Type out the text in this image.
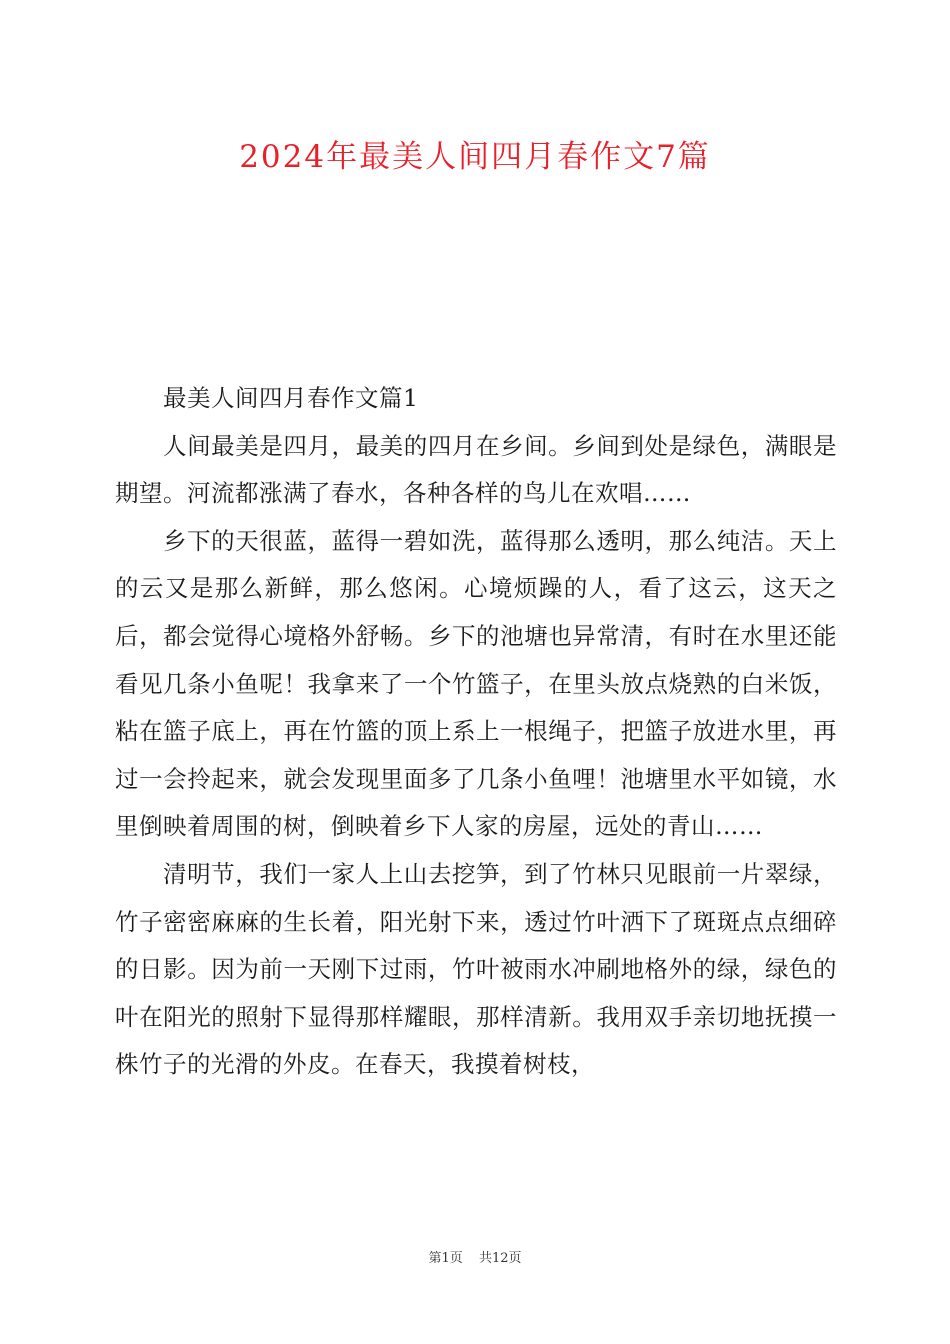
2024年最美人间四月春作文7篇
最美人间四月春作文篇1

人间最美是四月，最美的四月在乡间。乡间到处是绿色，满眼是期望。河流都涨满了春水，各种各样的鸟儿在欢唱……

乡下的天很蓝，蓝得一碧如洗，蓝得那么透明，那么纯洁。天上的云又是那么新鲜，那么悠闲。心境烦躁的人，看了这云，这天之后，都会觉得心境格外舒畅。乡下的池塘也异常清，有时在水里还能看见几条小鱼呢！我拿来了一个竹篮子，在里头放点烧熟的白米饭，粘在篮子底上，再在竹篮的顶上系上一根绳子，把篮子放进水里，再过一会拎起来，就会发现里面多了几条小鱼哩！池塘里水平如镜，水里倒映着周围的树，倒映着乡下人家的房屋，远处的青山……

清明节，我们一家人上山去挖笋，到了竹林只见眼前一片翠绿，竹子密密麻麻的生长着，阳光射下来，透过竹叶洒下了斑斑点点细碎的日影。因为前一天刚下过雨，竹叶被雨水冲刷地格外的绿，绿色的叶在阳光的照射下显得那样耀眼，那样清新。我用双手亲切地抚摸一株竹子的光滑的外皮。在春天，我摸着树枝，

第1页 共12页
